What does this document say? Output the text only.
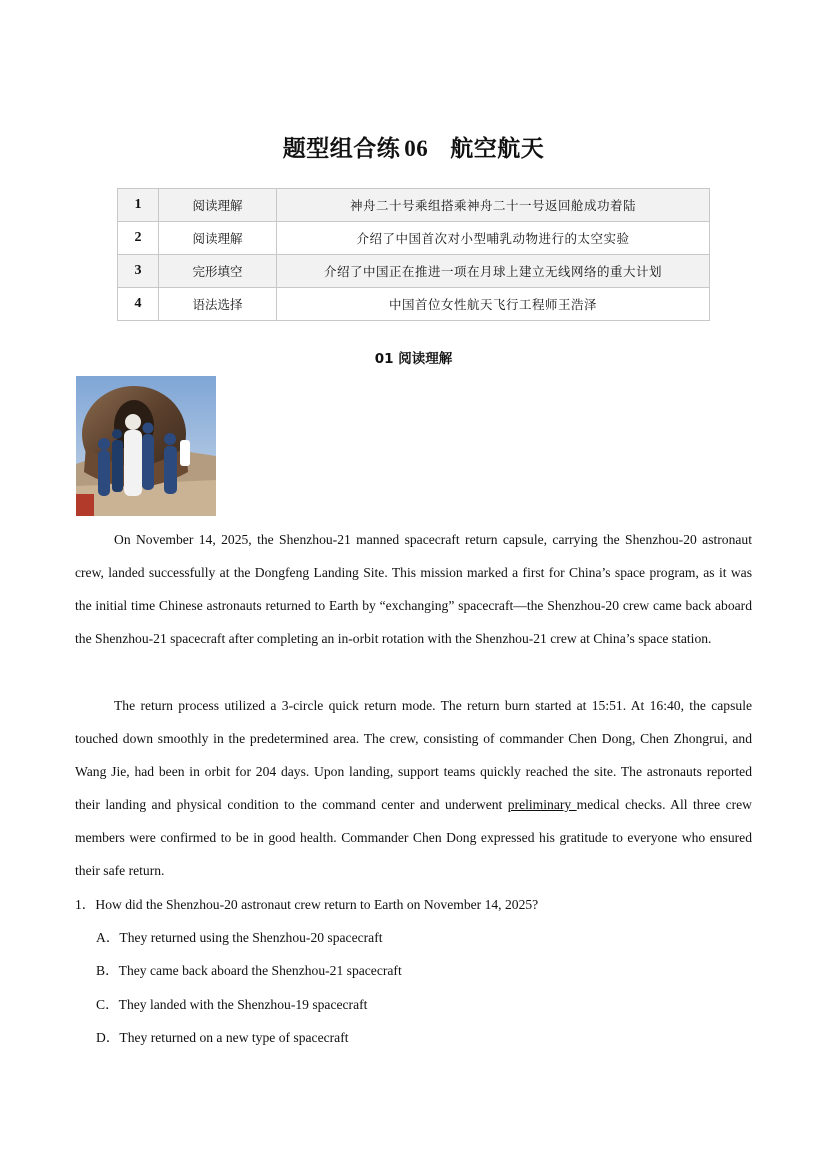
题型组合练 06 航空航天
1	阅读理解	神舟二十号乘组搭乘神舟二十一号返回舱成功着陆
2	阅读理解	介绍了中国首次对小型哺乳动物进行的太空实验
3	完形填空	介绍了中国正在推进一项在月球上建立无线网络的重大计划
4	语法选择	中国首位女性航天飞行工程师王浩泽
01 阅读理解

On November 14, 2025, the Shenzhou-21 manned spacecraft return capsule, carrying the Shenzhou-20 astronaut crew, landed successfully at the Dongfeng Landing Site. This mission marked a first for China’s space program, as it was the initial time Chinese astronauts returned to Earth by “exchanging” spacecraft—the Shenzhou-20 crew came back aboard the Shenzhou-21 spacecraft after completing an in-orbit rotation with the Shenzhou-21 crew at China’s space station.

The return process utilized a 3-circle quick return mode. The return burn started at 15:51. At 16:40, the capsule touched down smoothly in the predetermined area. The crew, consisting of commander Chen Dong, Chen Zhongrui, and Wang Jie, had been in orbit for 204 days. Upon landing, support teams quickly reached the site. The astronauts reported their landing and physical condition to the command center and underwent preliminary medical checks. All three crew members were confirmed to be in good health. Commander Chen Dong expressed his gratitude to everyone who ensured their safe return.

1．How did the Shenzhou-20 astronaut crew return to Earth on November 14, 2025?
A．They returned using the Shenzhou-20 spacecraft
B．They came back aboard the Shenzhou-21 spacecraft
C．They landed with the Shenzhou-19 spacecraft
D．They returned on a new type of spacecraft
